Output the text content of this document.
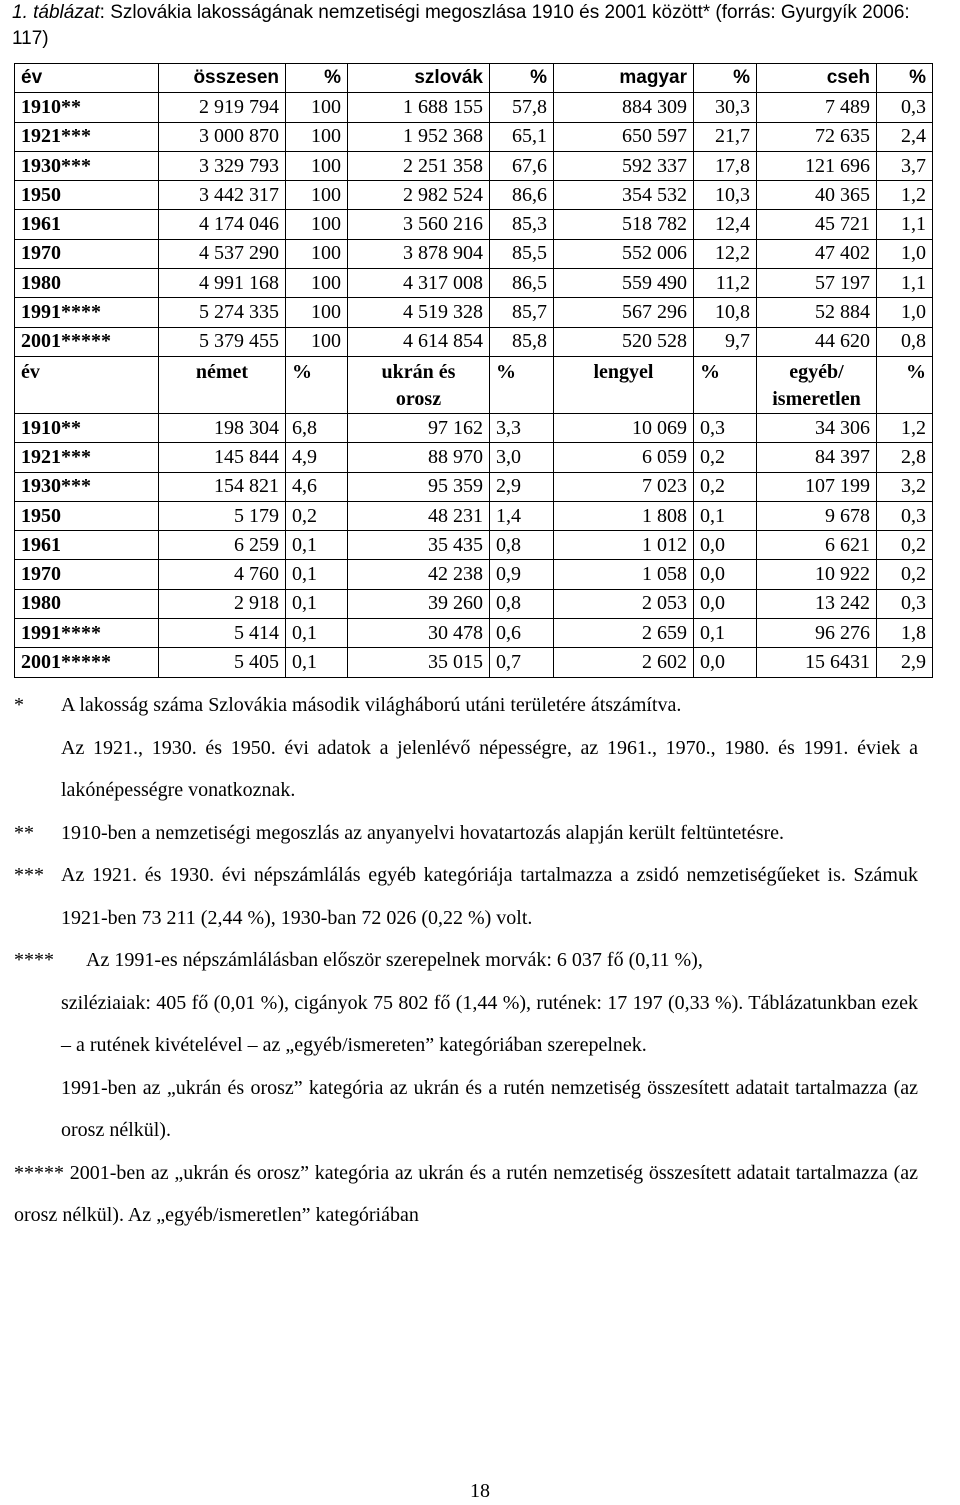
1. táblázat: Szlovákia lakosságának nemzetiségi megoszlása 1910 és 2001 között* (forrás: Gyurgyík 2006: 117)
év	összesen	%	szlovák	%	magyar	%	cseh	%
1910**	2 919 794	100	1 688 155	57,8	884 309	30,3	7 489	0,3
1921***	3 000 870	100	1 952 368	65,1	650 597	21,7	72 635	2,4
1930***	3 329 793	100	2 251 358	67,6	592 337	17,8	121 696	3,7
1950	3 442 317	100	2 982 524	86,6	354 532	10,3	40 365	1,2
1961	4 174 046	100	3 560 216	85,3	518 782	12,4	45 721	1,1
1970	4 537 290	100	3 878 904	85,5	552 006	12,2	47 402	1,0
1980	4 991 168	100	4 317 008	86,5	559 490	11,2	57 197	1,1
1991****	5 274 335	100	4 519 328	85,7	567 296	10,8	52 884	1,0
2001*****	5 379 455	100	4 614 854	85,8	520 528	9,7	44 620	0,8
év	német	%	ukrán és orosz	%	lengyel	%	egyéb/ ismeretlen	%
1910**	198 304	6,8	97 162	3,3	10 069	0,3	34 306	1,2
1921***	145 844	4,9	88 970	3,0	6 059	0,2	84 397	2,8
1930***	154 821	4,6	95 359	2,9	7 023	0,2	107 199	3,2
1950	5 179	0,2	48 231	1,4	1 808	0,1	9 678	0,3
1961	6 259	0,1	35 435	0,8	1 012	0,0	6 621	0,2
1970	4 760	0,1	42 238	0,9	1 058	0,0	10 922	0,2
1980	2 918	0,1	39 260	0,8	2 053	0,0	13 242	0,3
1991****	5 414	0,1	30 478	0,6	2 659	0,1	96 276	1,8
2001*****	5 405	0,1	35 015	0,7	2 602	0,0	15 6431	2,9
*	A lakosság száma Szlovákia második világháború utáni területére átszámítva.
Az 1921., 1930. és 1950. évi adatok a jelenlévő népességre, az 1961., 1970., 1980. és 1991. éviek a lakónépességre vonatkoznak.
**	1910-ben a nemzetiségi megoszlás az anyanyelvi hovatartozás alapján került feltüntetésre.
*** Az 1921. és 1930. évi népszámlálás egyéb kategóriája tartalmazza a zsidó nemzetiségűeket is. Számuk 1921-ben 73 211 (2,44 %), 1930-ban 72 026 (0,22 %) volt.
****	Az 1991-es népszámlálásban először szerepelnek morvák: 6 037 fő (0,11 %),
sziléziaiak: 405 fő (0,01 %), cigányok 75 802 fő (1,44 %), rutének: 17 197 (0,33 %). Táblázatunkban ezek – a rutének kivételével – az „egyéb/ismereten” kategóriában szerepelnek.
1991-ben az „ukrán és orosz” kategória az ukrán és a rutén nemzetiség összesített adatait tartalmazza (az orosz nélkül).
***** 2001-ben az „ukrán és orosz” kategória az ukrán és a rutén nemzetiség összesített adatait tartalmazza (az orosz nélkül). Az „egyéb/ismeretlen” kategóriában
18
